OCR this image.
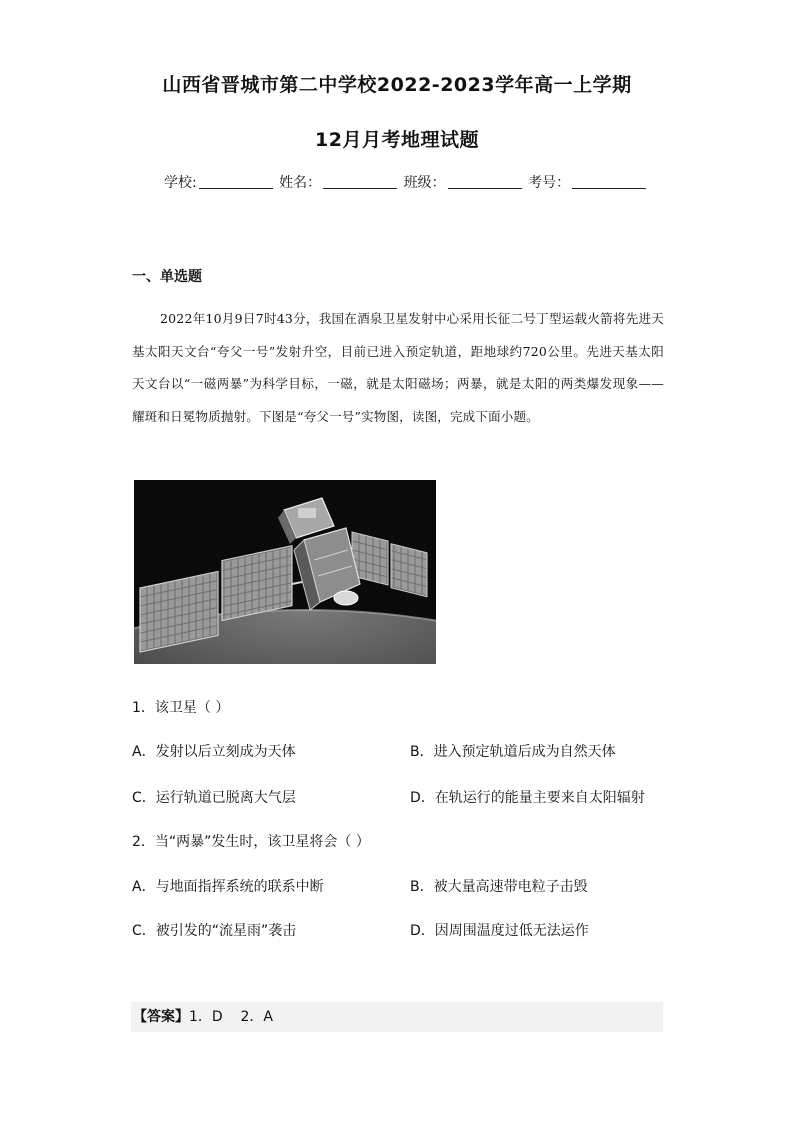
山西省晋城市第二中学校2022-2023学年高一上学期
12月月考地理试题
学校:	姓名：	班级：	考号：
一、单选题
2022年10月9日7时43分，我国在酒泉卫星发射中心采用长征二号丁型运载火箭将先进天基太阳天文台“夸父一号”发射升空，目前已进入预定轨道，距地球约720公里。先进天基太阳天文台以“一磁两暴”为科学目标，一磁，就是太阳磁场；两暴，就是太阳的两类爆发现象——耀斑和日冕物质抛射。下图是“夸父一号”实物图，读图，完成下面小题。
1．该卫星（ ）
A．发射以后立刻成为天体	B．进入预定轨道后成为自然天体
C．运行轨道已脱离大气层	D．在轨运行的能量主要来自太阳辐射
2．当“两暴”发生时，该卫星将会（ ）
A．与地面指挥系统的联系中断	B．被大量高速带电粒子击毁
C．被引发的“流星雨”袭击	D．因周围温度过低无法运作
【答案】1．D    2．A
